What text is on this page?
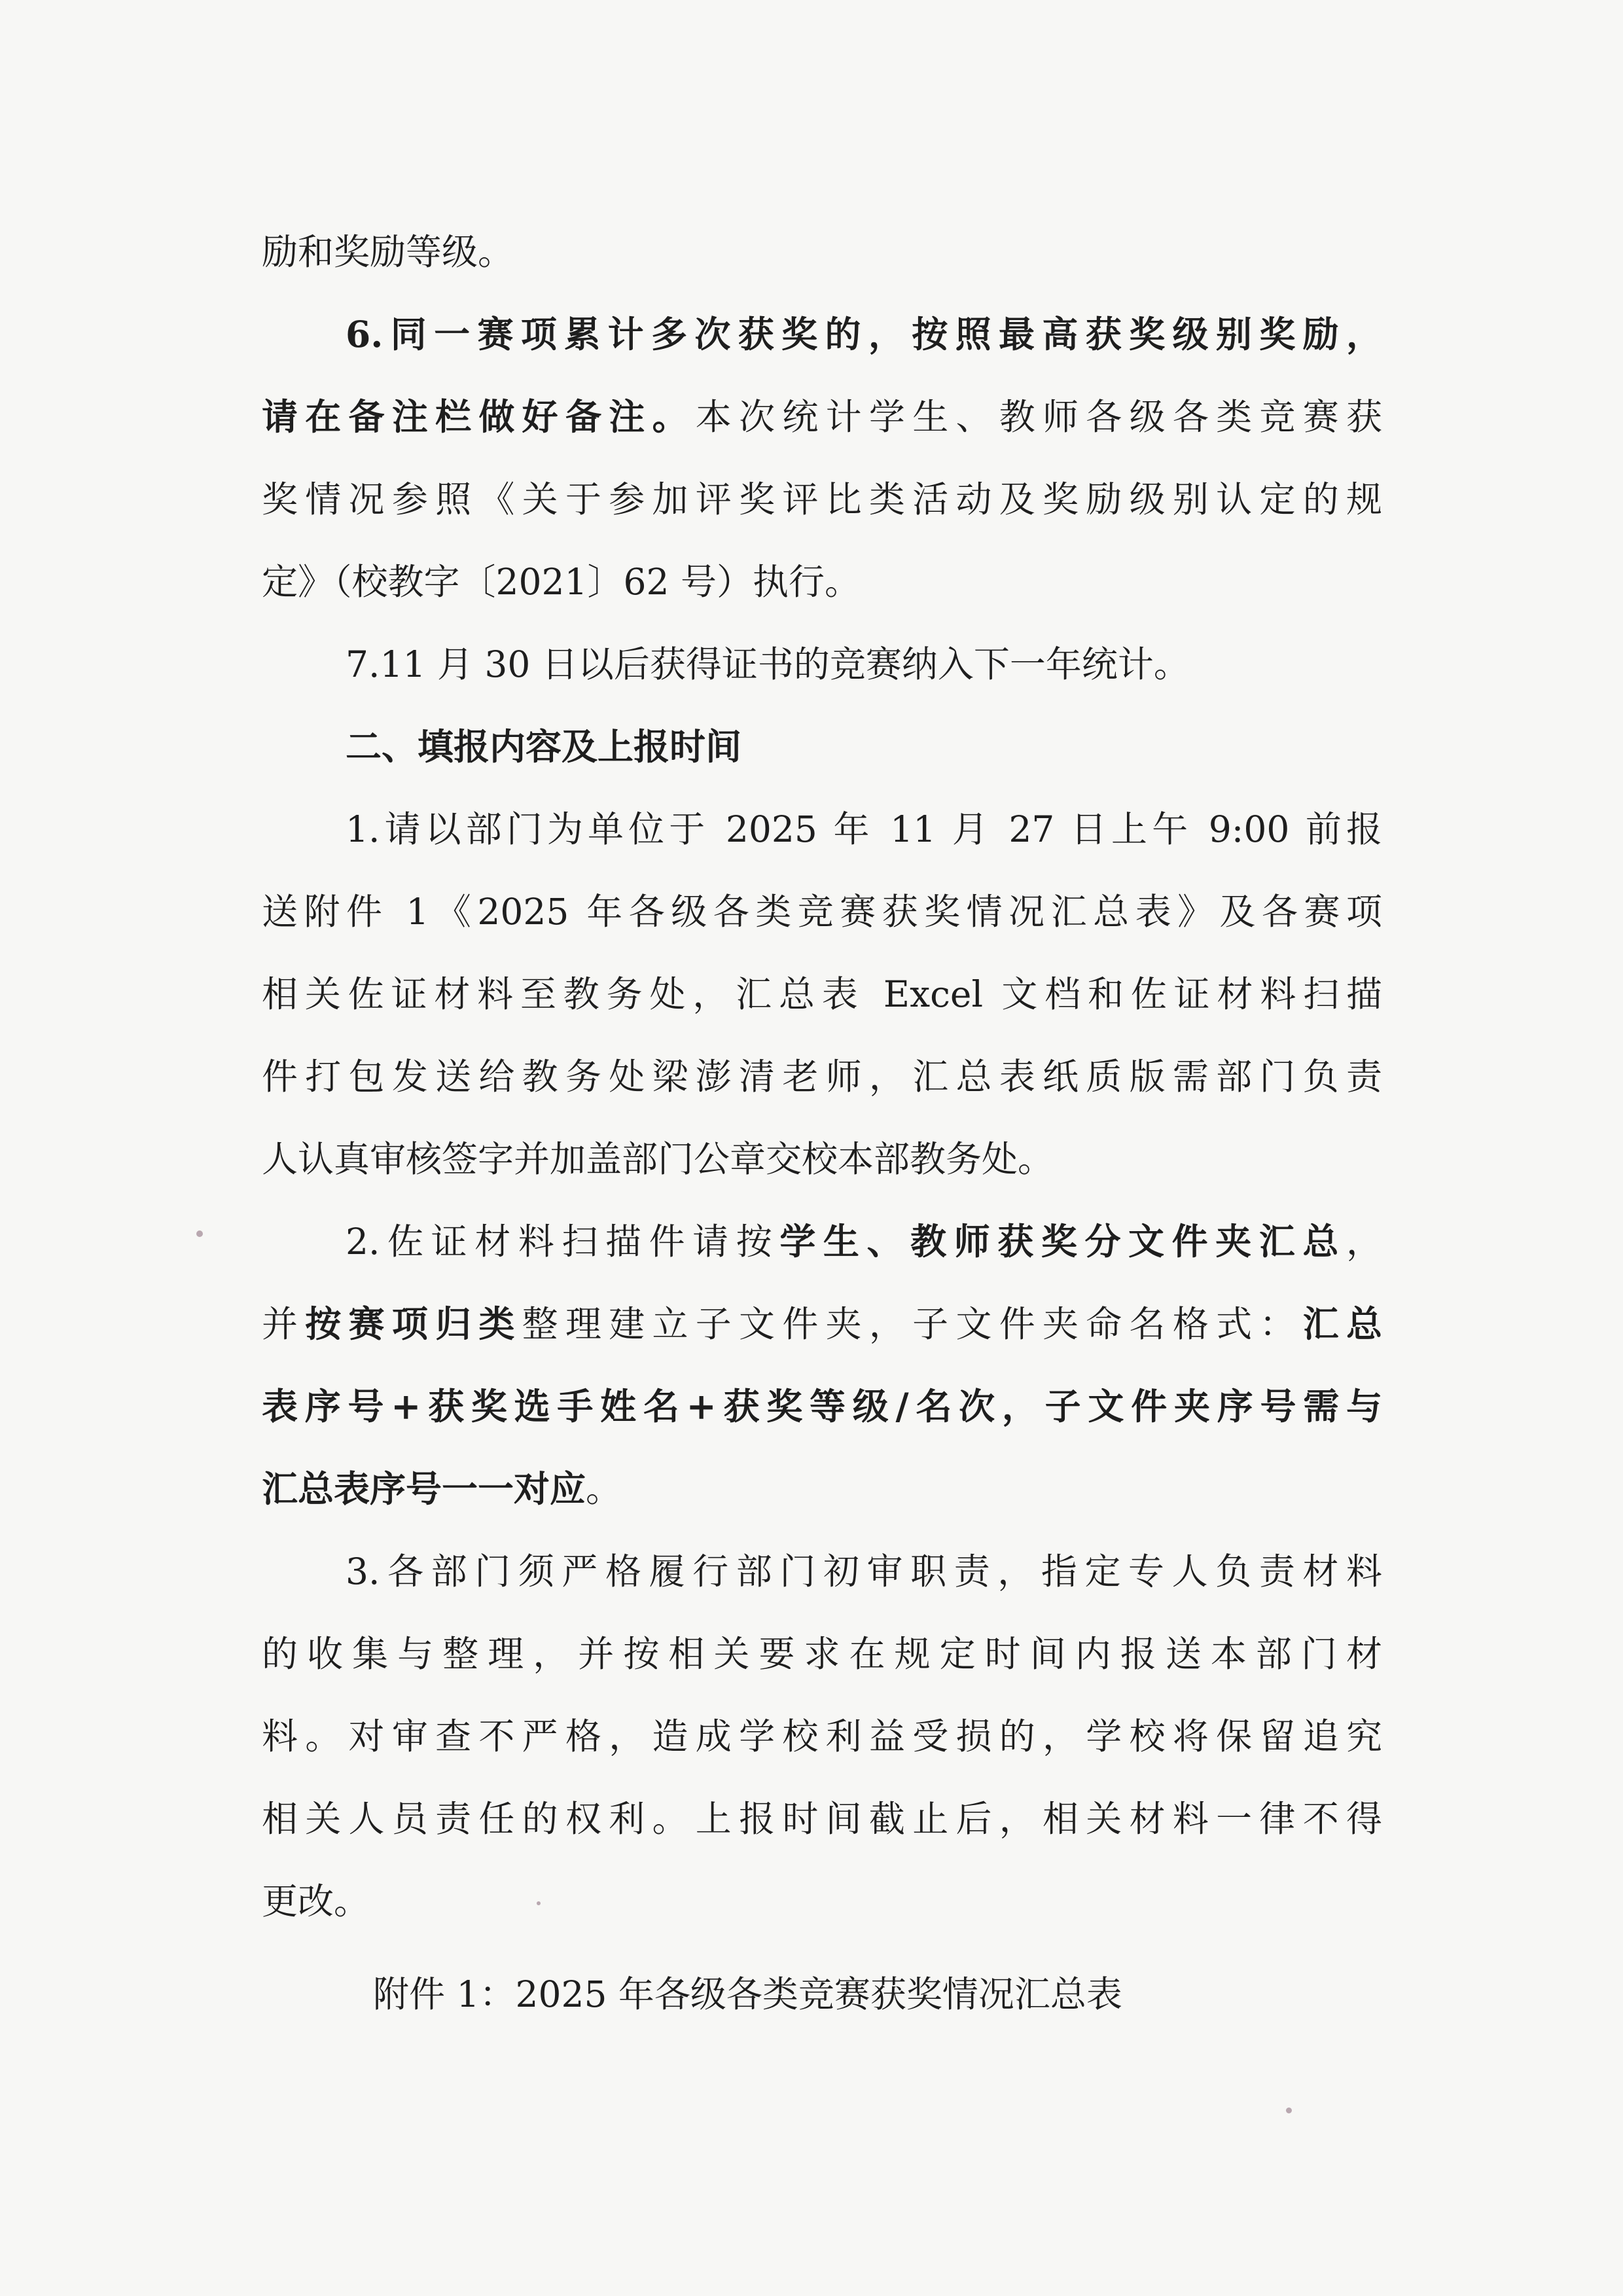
励和奖励等级。
6.同一赛项累计多次获奖的，按照最高获奖级别奖励，
请在备注栏做好备注。本次统计学生、教师各级各类竞赛获
奖情况参照《关于参加评奖评比类活动及奖励级别认定的规
定》（校教字〔2021〕62 号）执行。
7.11 月 30 日以后获得证书的竞赛纳入下一年统计。
二、填报内容及上报时间
1.请以部门为单位于 2025 年 11 月 27 日上午 9:00 前报
送附件 1《2025 年各级各类竞赛获奖情况汇总表》及各赛项
相关佐证材料至教务处，汇总表 Excel 文档和佐证材料扫描
件打包发送给教务处梁澎清老师，汇总表纸质版需部门负责
人认真审核签字并加盖部门公章交校本部教务处。
2.佐证材料扫描件请按学生、教师获奖分文件夹汇总，
并按赛项归类整理建立子文件夹，子文件夹命名格式：汇总
表序号+获奖选手姓名+获奖等级/名次，子文件夹序号需与
汇总表序号一一对应。
3.各部门须严格履行部门初审职责，指定专人负责材料
的收集与整理，并按相关要求在规定时间内报送本部门材
料。对审查不严格，造成学校利益受损的，学校将保留追究
相关人员责任的权利。上报时间截止后，相关材料一律不得
更改。
附件 1：2025 年各级各类竞赛获奖情况汇总表
